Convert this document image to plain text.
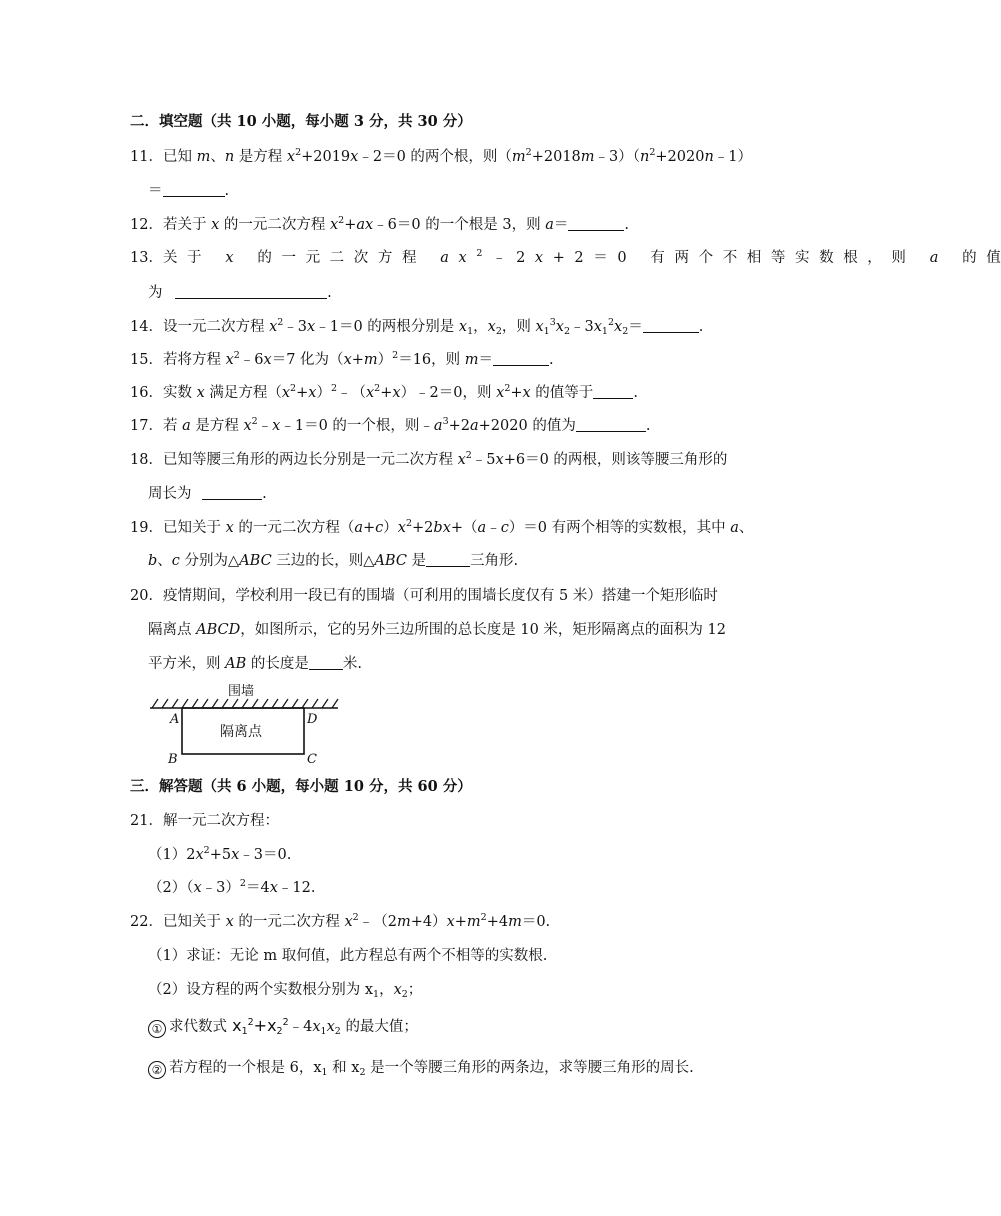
二．填空题（共 10 小题，每小题 3 分，共 30 分）
11．已知 m、n 是方程 $x^2+2019x﹣2=0$ 的两个根，则$(m^2+2018m﹣3)(n^2+2020n﹣1)$
＝	.
12．若关于 x 的一元二次方程 $x^2+ax﹣6=0$ 的一个根是 3，则 a＝	.
13．关于 x 的一元二次方程 $ax^2﹣2x+2=0$ 有两个不相等实数根，则 a 的值
为	.
14．设一元二次方程 $x^2﹣3x﹣1=0$ 的两根分别是 $x_1$，$x_2$，则 $x_1^3x_2﹣3x_1^2x_2=$	.
15．若将方程 $x^2﹣6x=7$ 化为$(x+m)^2=16$，则 m＝	.
16．实数 x 满足方程$(x^2+x)^2﹣(x^2+x)﹣2=0$，则 $x^2+x$ 的值等于	.
17．若 a 是方程 $x^2﹣x﹣1=0$ 的一个根，则$﹣a^3+2a+2020$ 的值为	.
18．已知等腰三角形的两边长分别是一元二次方程 $x^2﹣5x+6=0$ 的两根，则该等腰三角形的
周长为	.
19．已知关于 x 的一元二次方程$(a+c)x^2+2bx+(a﹣c)=0$ 有两个相等的实数根，其中 a、
b、c 分别为△ABC 三边的长，则△ABC 是	三角形.
20．疫情期间，学校利用一段已有的围墙（可利用的围墙长度仅有 5 米）搭建一个矩形临时
隔离点 ABCD，如图所示，它的另外三边所围的总长度是 10 米，矩形隔离点的面积为 12
平方米，则 AB 的长度是 米.
围墙
隔离点
A	D
B	C
三．解答题（共 6 小题，每小题 10 分，共 60 分）
21．解一元二次方程：
$(1)2x^2+5x﹣3=0$.
（2）（x﹣3）$^2$＝4x﹣12.
22．已知关于 x 的一元二次方程 $x^2﹣(2m+4)x+m^2+4m=0$.
（1）求证：无论 m 取何值，此方程总有两个不相等的实数根.
（2）设方程的两个实数根分别为 $x_1$，$x_2$；
① 求代数式 $x_1^2+x_2^2﹣4x_1x_2$ 的最大值；
② 若方程的一个根是 6，$x_1$ 和 $x_2$ 是一个等腰三角形的两条边，求等腰三角形的周长.
